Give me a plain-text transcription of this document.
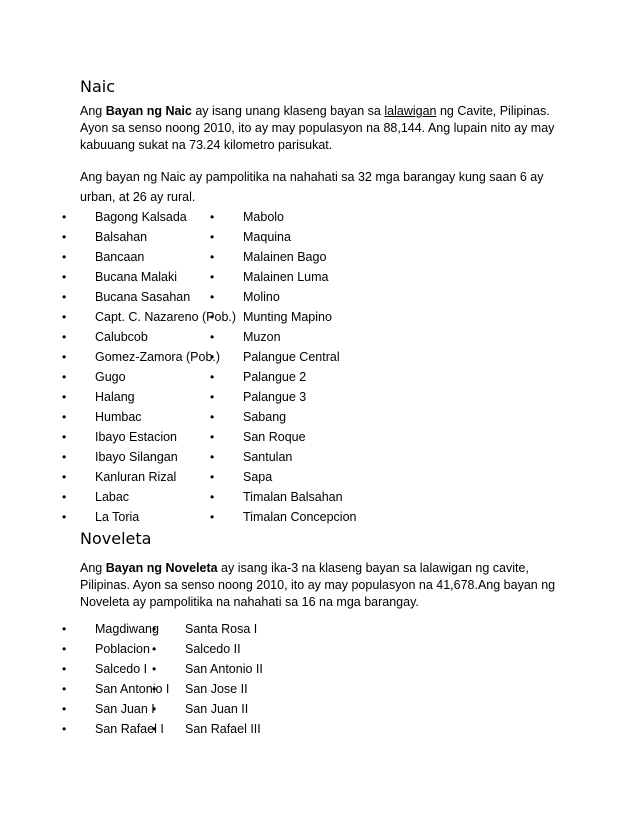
Naic

Ang Bayan ng Naic ay isang unang klaseng bayan sa lalawigan ng Cavite, Pilipinas. Ayon sa senso noong 2010, ito ay may populasyon na 88,144. Ang lupain nito ay may kabuuang sukat na 73.24 kilometro parisukat.

Ang bayan ng Naic ay pampolitika na nahahati sa 32 mga barangay kung saan 6 ay urban, at 26 ay rural.

• Bagong Kalsada
• Balsahan
• Bancaan
• Bucana Malaki
• Bucana Sasahan
• Capt. C. Nazareno (Pob.)
• Calubcob
• Gomez-Zamora (Pob.)
• Gugo
• Halang
• Humbac
• Ibayo Estacion
• Ibayo Silangan
• Kanluran Rizal
• Labac
• La Toria
• Mabolo
• Maquina
• Malainen Bago
• Malainen Luma
• Molino
• Munting Mapino
• Muzon
• Palangue Central
• Palangue 2
• Palangue 3
• Sabang
• San Roque
• Santulan
• Sapa
• Timalan Balsahan
• Timalan Concepcion
Noveleta

Ang Bayan ng Noveleta ay isang ika-3 na klaseng bayan sa lalawigan ng cavite, Pilipinas. Ayon sa senso noong 2010, ito ay may populasyon na 41,678.Ang bayan ng Noveleta ay pampolitika na nahahati sa 16 na mga barangay.

• Magdiwang
• Poblacion
• Salcedo I
• San Antonio I
• San Juan I
• San Rafael I
• Santa Rosa I
• Salcedo II
• San Antonio II
• San Jose II
• San Juan II
• San Rafael III
